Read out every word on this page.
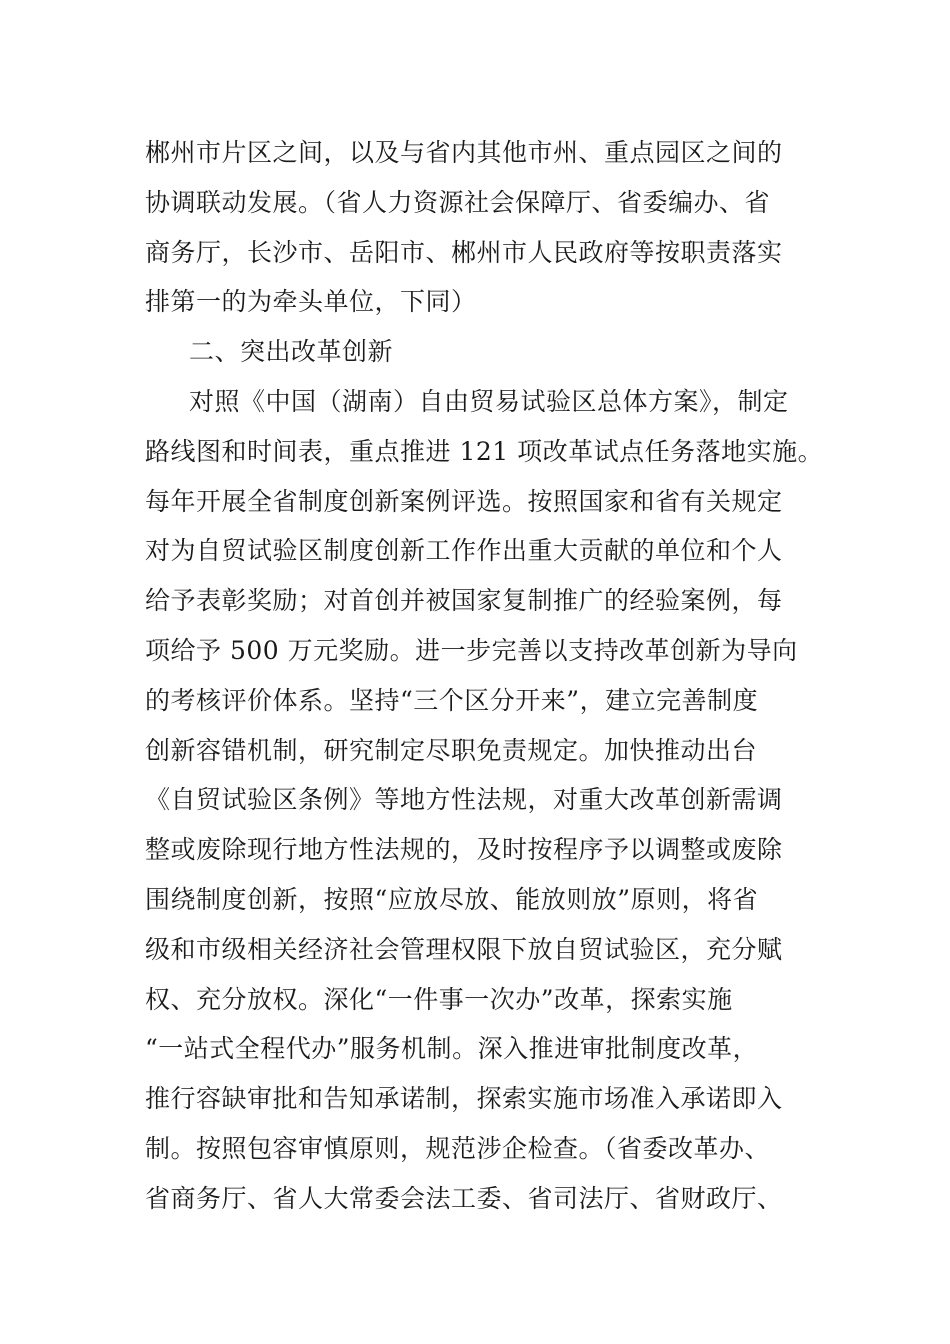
郴州市片区之间，以及与省内其他市州、重点园区之间的
协调联动发展。（省人力资源社会保障厅、省委编办、省
商务厅，长沙市、岳阳市、郴州市人民政府等按职责落实
排第一的为牵头单位，下同）
二、突出改革创新
对照《中国（湖南）自由贸易试验区总体方案》，制定
路线图和时间表，重点推进 121 项改革试点任务落地实施。
每年开展全省制度创新案例评选。按照国家和省有关规定
对为自贸试验区制度创新工作作出重大贡献的单位和个人
给予表彰奖励；对首创并被国家复制推广的经验案例，每
项给予 500 万元奖励。进一步完善以支持改革创新为导向
的考核评价体系。坚持“三个区分开来”，建立完善制度
创新容错机制，研究制定尽职免责规定。加快推动出台
《自贸试验区条例》等地方性法规，对重大改革创新需调
整或废除现行地方性法规的，及时按程序予以调整或废除
围绕制度创新，按照“应放尽放、能放则放”原则，将省
级和市级相关经济社会管理权限下放自贸试验区，充分赋
权、充分放权。深化“一件事一次办”改革，探索实施
“一站式全程代办”服务机制。深入推进审批制度改革，
推行容缺审批和告知承诺制，探索实施市场准入承诺即入
制。按照包容审慎原则，规范涉企检查。（省委改革办、
省商务厅、省人大常委会法工委、省司法厅、省财政厅、
